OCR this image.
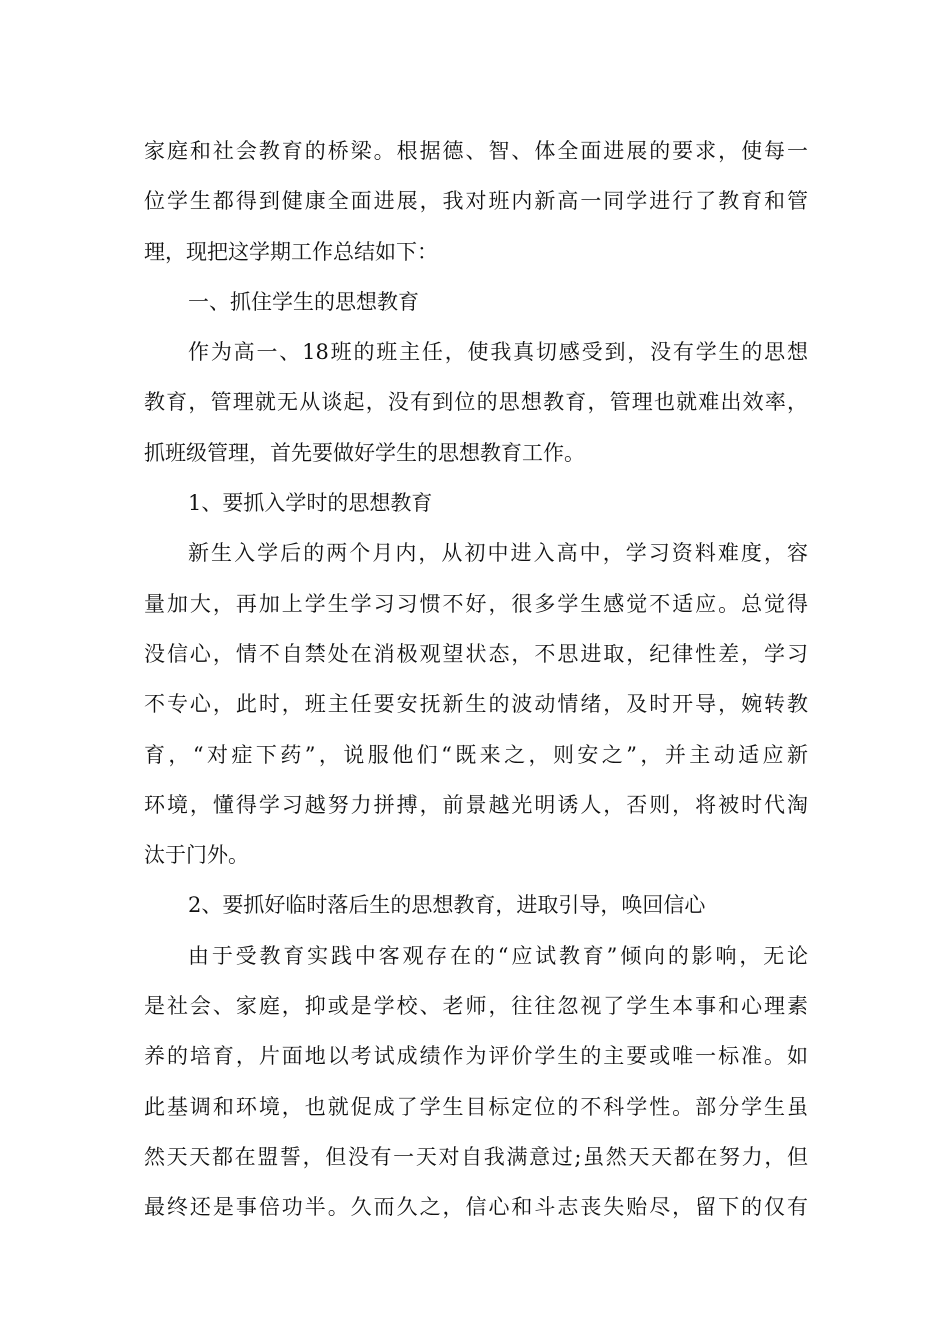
家庭和社会教育的桥梁。根据德、智、体全面进展的要求，使每一
位学生都得到健康全面进展，我对班内新高一同学进行了教育和管
理，现把这学期工作总结如下：
一、抓住学生的思想教育
作为高一、18班的班主任，使我真切感受到，没有学生的思想
教育，管理就无从谈起，没有到位的思想教育，管理也就难出效率，
抓班级管理，首先要做好学生的思想教育工作。
1、要抓入学时的思想教育
新生入学后的两个月内，从初中进入高中，学习资料难度，容
量加大，再加上学生学习习惯不好，很多学生感觉不适应。总觉得
没信心，情不自禁处在消极观望状态，不思进取，纪律性差，学习
不专心，此时，班主任要安抚新生的波动情绪，及时开导，婉转教
育，“对症下药”，说服他们“既来之，则安之”，并主动适应新
环境，懂得学习越努力拼搏，前景越光明诱人，否则，将被时代淘
汰于门外。
2、要抓好临时落后生的思想教育，进取引导，唤回信心
由于受教育实践中客观存在的“应试教育”倾向的影响，无论
是社会、家庭，抑或是学校、老师，往往忽视了学生本事和心理素
养的培育，片面地以考试成绩作为评价学生的主要或唯一标准。如
此基调和环境，也就促成了学生目标定位的不科学性。部分学生虽
然天天都在盟誓，但没有一天对自我满意过;虽然天天都在努力，但
最终还是事倍功半。久而久之，信心和斗志丧失贻尽，留下的仅有
